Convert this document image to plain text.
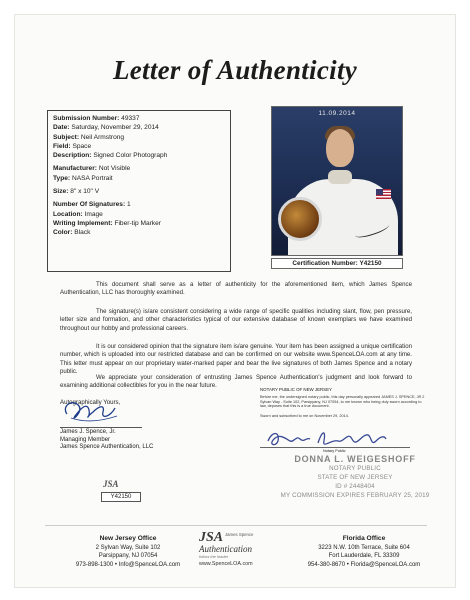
Letter of Authenticity
Submission Number: 49337
Date: Saturday, November 29, 2014
Subject: Neil Armstrong
Field: Space
Description: Signed Color Photograph
Manufacturer: Not Visible
Type: NASA Portrait
Size: 8" x 10" V
Number Of Signatures: 1
Location: Image
Writing Implement: Fiber-tip Marker
Color: Black
11.09.2014
Certification Number: Y42150

This document shall serve as a letter of authenticity for the aforementioned item, which James Spence Authentication, LLC has thoroughly examined.

The signature(s) is/are consistent considering a wide range of specific qualities including slant, flow, pen pressure, letter size and formation, and other characteristics typical of our extensive database of known exemplars we have examined throughout our hobby and professional careers.

It is our considered opinion that the signature item is/are genuine. Your item has been assigned a unique certification number, which is uploaded into our restricted database and can be confirmed on our website www.SpenceLOA.com at any time. This letter must appear on our proprietary water-marked paper and bear the live signatures of both James Spence and a notary public.

We appreciate your consideration of entrusting James Spence Authentication's judgment and look forward to examining additional collectibles for you in the near future.

Autographically Yours,
James J. Spence, Jr.
Managing Member
James Spence Authentication, LLC
NOTARY PUBLIC OF NEW JERSEY
Before me, the undersigned notary public, this day personally appeared JAMES J. SPENCE, JR 2 Sylvan Way - Suite 102, Parsippany, NJ 07054, to me known who being duly sworn according to law, deposes that this is a true document.
Sworn and subscribed to me on November 29, 2014.
Notary Public
DONNA L. WEIGESHOFF
NOTARY PUBLIC
STATE OF NEW JERSEY
ID # 2448404
MY COMMISSION EXPIRES FEBRUARY 25, 2019
JSA
Y42150
New Jersey Office
2 Sylvan Way, Suite 102
Parsippany, NJ 07054
973-898-1300 • Info@SpenceLOA.com
JSA James Spence
Authentication
follow the leader
www.SpenceLOA.com
Florida Office
3223 N.W. 10th Terrace, Suite 604
Fort Lauderdale, FL 33309
954-380-8670 • Florida@SpenceLOA.com
